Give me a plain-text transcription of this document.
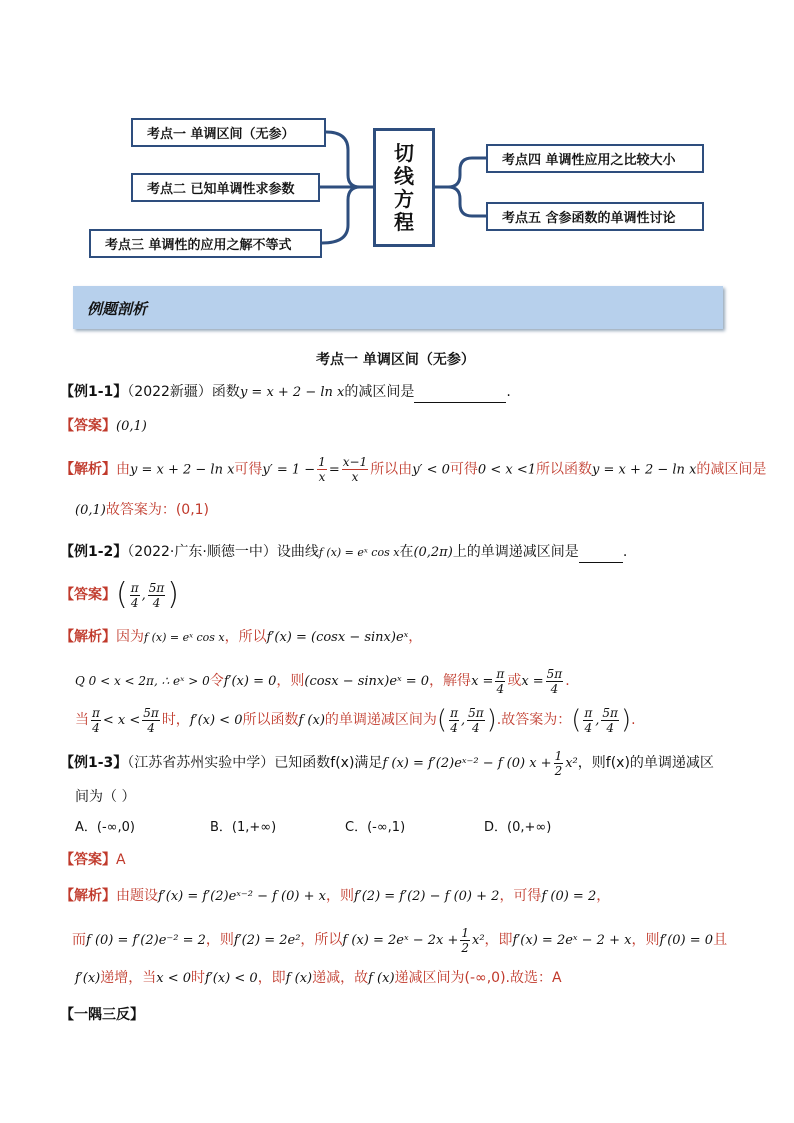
考点一 单调区间（无参）
考点二 已知单调性求参数
考点三 单调性的应用之解不等式
切
线
方
程
考点四 单调性应用之比较大小
考点五 含参函数的单调性讨论
例题剖析
考点一 单调区间（无参）
【例1-1】（2022新疆）函数y = x + 2 − ln x的减区间是	.
【答案】(0,1)
【解析】由y = x + 2 − ln x可得$y' = 1 - \frac{1}{x} = \frac{x-1}{x}$ 所以由y′ < 0可得0 < x <1所以函数y = x + 2 − ln x的减区间是
(0,1)故答案为：(0,1)
【例1-2】（2022·广东·顺德一中）设曲线f (x) = eˣ cos x在(0,2π)上的单调递减区间是	.
【答案】( $\frac{\pi}{4}$ , $\frac{5\pi}{4}$ )
【解析】因为f (x) = eˣ cos x，所以f′(x) = (cosx − sinx)eˣ，
Q 0 < x < 2π, ∴ eˣ > 0令f′(x) = 0，则(cosx − sinx)eˣ = 0，解得$x = \frac{\pi}{4}$ 或$x = \frac{5\pi}{4}$ .
当 $\frac{\pi}{4} < x < \frac{5\pi}{4}$ 时，f′(x) < 0所以函数f (x)的单调递减区间为( $\frac{\pi}{4}$ , $\frac{5\pi}{4}$ ).故答案为：( $\frac{\pi}{4}$ , $\frac{5\pi}{4}$ ).
【例1-3】（江苏省苏州实验中学）已知函数f(x)满足f (x) = f′(2)eˣ⁻² − f (0) $x + \frac{1}{2} x^2$，则f(x)的单调递减区
间为（ ）
A．(-∞,0)	B．(1,+∞)	C．(-∞,1)	D．(0,+∞)
【答案】A
【解析】由题设f′(x) = f′(2)eˣ⁻² − f (0) + x，则f′(2) = f′(2) − f (0) + 2，可得f (0) = 2，
而f (0) = f′(2)e⁻² = 2，则f′(2) = 2e²，所以f (x) = 2eˣ − $2x + \frac{1}{2} x^2$，即f′(x) = 2eˣ − 2 + x，则f′(0) = 0且
f′(x)递增，当x < 0时f′(x) < 0，即f (x)递减，故f (x)递减区间为(-∞,0).故选：A
【一隅三反】
